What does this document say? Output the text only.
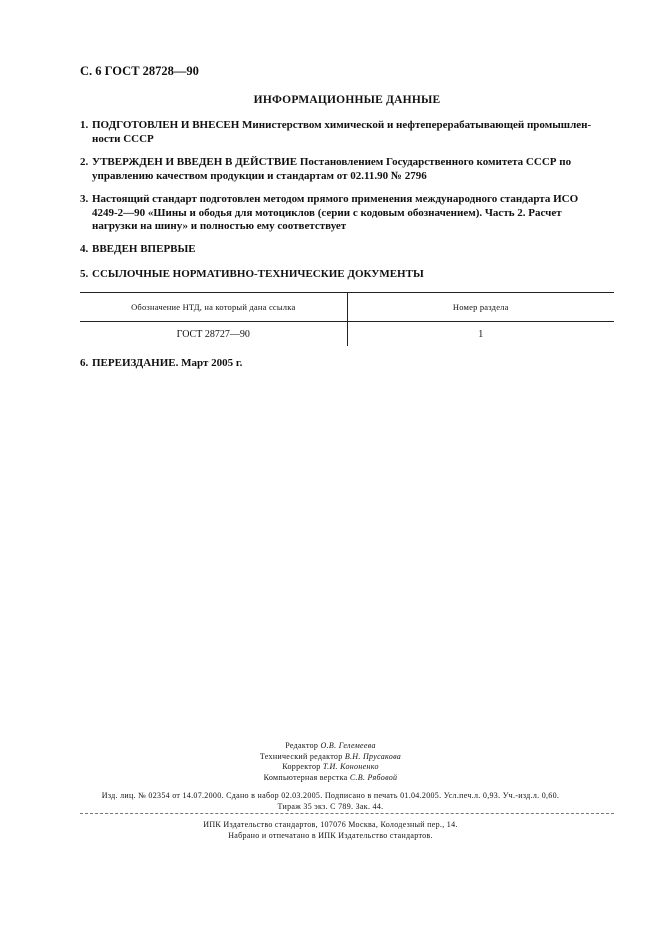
С. 6 ГОСТ 28728—90
ИНФОРМАЦИОННЫЕ ДАННЫЕ
1. ПОДГОТОВЛЕН И ВНЕСЕН Министерством химической и нефтеперерабатывающей промышлен-
ности СССР
2. УТВЕРЖДЕН И ВВЕДЕН В ДЕЙСТВИЕ Постановлением Государственного комитета СССР по
управлению качеством продукции и стандартам от 02.11.90 № 2796
3. Настоящий стандарт подготовлен методом прямого применения международного стандарта ИСО
4249-2—90 «Шины и ободья для мотоциклов (серии с кодовым обозначением). Часть 2. Расчет
нагрузки на шину» и полностью ему соответствует
4. ВВЕДЕН ВПЕРВЫЕ
5. ССЫЛОЧНЫЕ НОРМАТИВНО-ТЕХНИЧЕСКИЕ ДОКУМЕНТЫ
Обозначение НТД, на который дана ссылка	Номер раздела
ГОСТ 28727—90	1
6. ПЕРЕИЗДАНИЕ. Март 2005 г.
Редактор О.В. Гелемеева
Технический редактор В.Н. Прусакова
Корректор Т.И. Кононенко
Компьютерная верстка С.В. Рябовой
Изд. лиц. № 02354 от 14.07.2000. Сдано в набор 02.03.2005. Подписано в печать 01.04.2005. Усл.печ.л. 0,93. Уч.-изд.л. 0,60.
Тираж 35 экз. С 789. Зак. 44.
ИПК Издательство стандартов, 107076 Москва, Колодезный пер., 14.
Набрано и отпечатано в ИПК Издательство стандартов.
